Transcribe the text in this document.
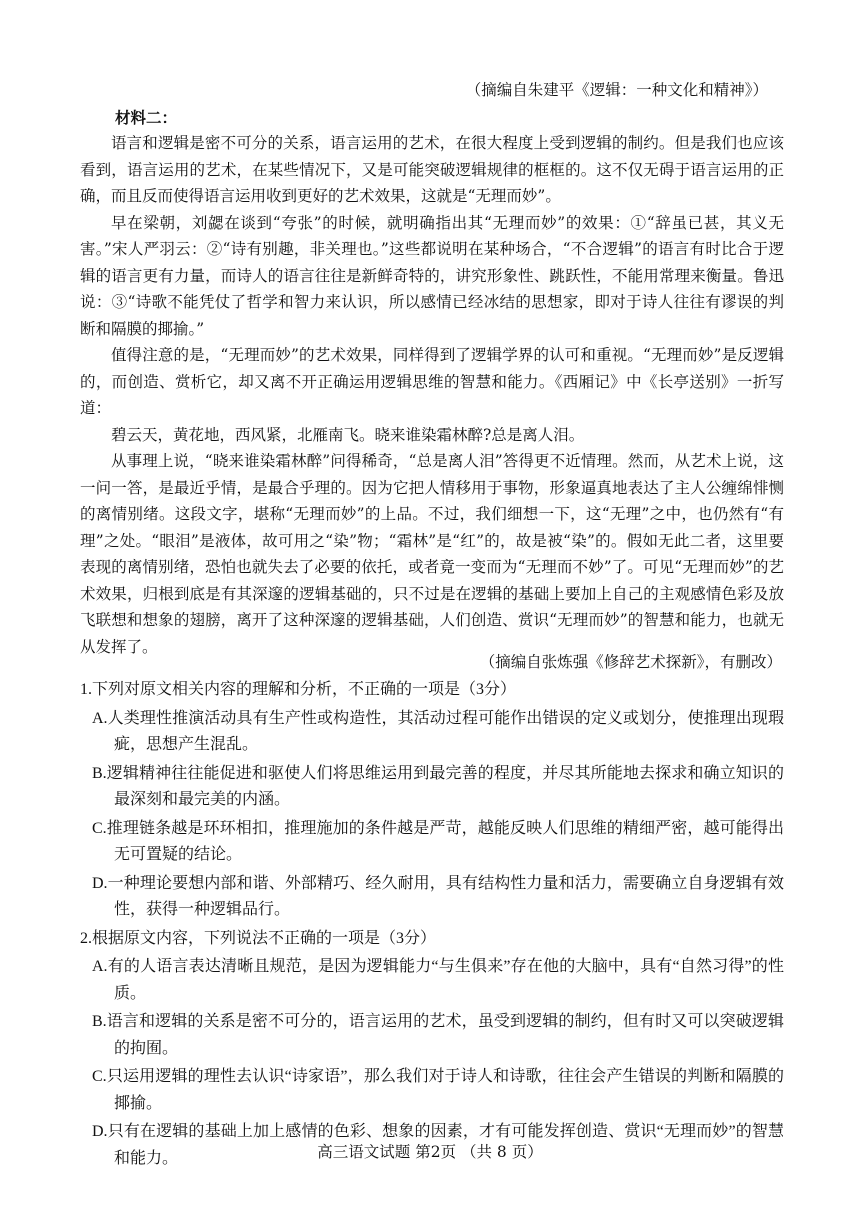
（摘编自朱建平《逻辑：一种文化和精神》）
材料二：

语言和逻辑是密不可分的关系，语言运用的艺术，在很大程度上受到逻辑的制约。但是我们也应该看到，语言运用的艺术，在某些情况下，又是可能突破逻辑规律的框框的。这不仅无碍于语言运用的正确，而且反而使得语言运用收到更好的艺术效果，这就是“无理而妙”。

早在梁朝，刘勰在谈到“夸张”的时候，就明确指出其“无理而妙”的效果：①“辞虽已甚，其义无害。”宋人严羽云：②“诗有别趣，非关理也。”这些都说明在某种场合，“不合逻辑”的语言有时比合于逻辑的语言更有力量，而诗人的语言往往是新鲜奇特的，讲究形象性、跳跃性，不能用常理来衡量。鲁迅说：③“诗歌不能凭仗了哲学和智力来认识，所以感情已经冰结的思想家，即对于诗人往往有谬误的判断和隔膜的揶揄。”

值得注意的是，“无理而妙”的艺术效果，同样得到了逻辑学界的认可和重视。“无理而妙”是反逻辑的，而创造、赏析它，却又离不开正确运用逻辑思维的智慧和能力。《西厢记》中《长亭送别》一折写道：

碧云天，黄花地，西风紧，北雁南飞。晓来谁染霜林醉?总是离人泪。

从事理上说，“晓来谁染霜林醉”问得稀奇，“总是离人泪”答得更不近情理。然而，从艺术上说，这一问一答，是最近乎情，是最合乎理的。因为它把人情移用于事物，形象逼真地表达了主人公缠绵悱恻的离情别绪。这段文字，堪称“无理而妙”的上品。不过，我们细想一下，这“无理”之中，也仍然有“有理”之处。“眼泪”是液体，故可用之“染”物；“霜林”是“红”的，故是被“染”的。假如无此二者，这里要表现的离情别绪，恐怕也就失去了必要的依托，或者竟一变而为“无理而不妙”了。可见“无理而妙”的艺术效果，归根到底是有其深邃的逻辑基础的，只不过是在逻辑的基础上要加上自己的主观感情色彩及放飞联想和想象的翅膀，离开了这种深邃的逻辑基础，人们创造、赏识“无理而妙”的智慧和能力，也就无从发挥了。

（摘编自张炼强《修辞艺术探新》，有删改）

1.下列对原文相关内容的理解和分析，不正确的一项是（3分）

A.人类理性推演活动具有生产性或构造性，其活动过程可能作出错误的定义或划分，使推理出现瑕疵，思想产生混乱。

B.逻辑精神往往能促进和驱使人们将思维运用到最完善的程度，并尽其所能地去探求和确立知识的最深刻和最完美的内涵。

C.推理链条越是环环相扣，推理施加的条件越是严苛，越能反映人们思维的精细严密，越可能得出无可置疑的结论。

D.一种理论要想内部和谐、外部精巧、经久耐用，具有结构性力量和活力，需要确立自身逻辑有效性，获得一种逻辑品行。

2.根据原文内容，下列说法不正确的一项是（3分）

A.有的人语言表达清晰且规范，是因为逻辑能力“与生俱来”存在他的大脑中，具有“自然习得”的性质。

B.语言和逻辑的关系是密不可分的，语言运用的艺术，虽受到逻辑的制约，但有时又可以突破逻辑的拘囿。

C.只运用逻辑的理性去认识“诗家语”，那么我们对于诗人和诗歌，往往会产生错误的判断和隔膜的揶揄。

D.只有在逻辑的基础上加上感情的色彩、想象的因素，才有可能发挥创造、赏识“无理而妙”的智慧和能力。	高三语文试题 第2页 （共 8 页）
